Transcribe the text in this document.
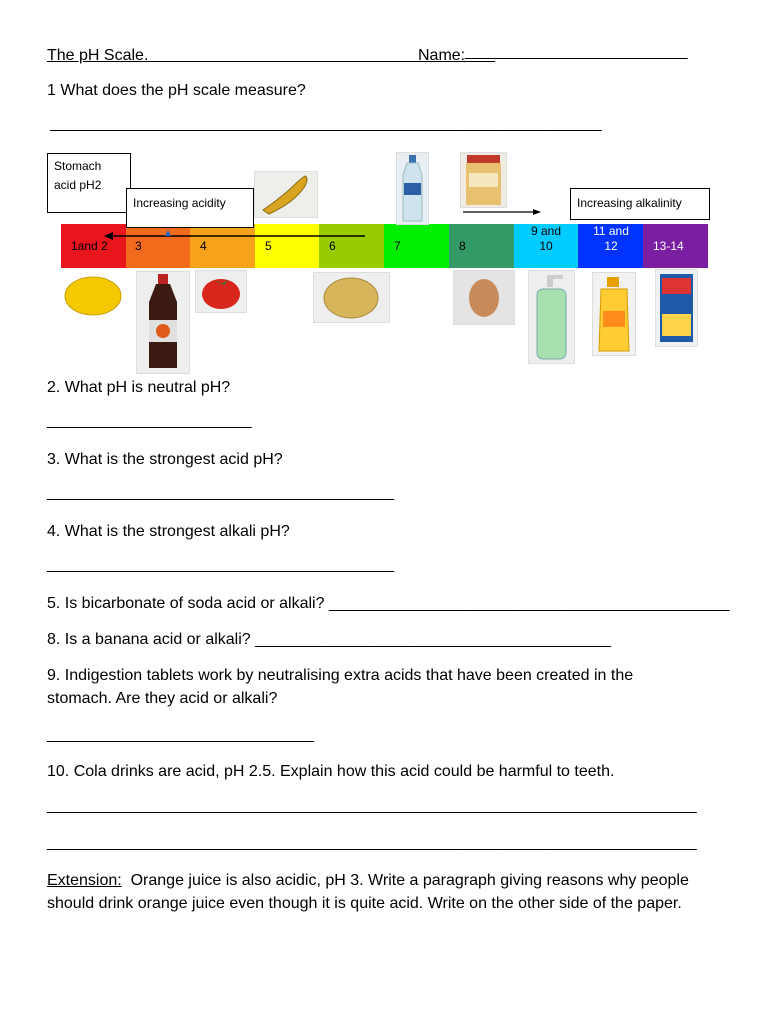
The pH Scale.	Name: _________________________
1 What does the pH scale measure?
______________________________________________________________
1and 2 3	4	5	6	7	8
9 and 10
11 and 12	13-14
Stomach acid pH2
Increasing acidity	Increasing alkalinity
2. What pH is neutral pH?
_______________________
3. What is the strongest acid pH?
_______________________________________
4. What is the strongest alkali pH?
_______________________________________
5. Is bicarbonate of soda acid or alkali? _____________________________________________
8. Is a banana acid or alkali? ________________________________________
9. Indigestion tablets work by neutralising extra acids that have been created in the stomach. Are they acid or alkali?
______________________________
10. Cola drinks are acid, pH 2.5. Explain how this acid could be harmful to teeth.
_________________________________________________________________________
_________________________________________________________________________
Extension:  Orange juice is also acidic, pH 3. Write a paragraph giving reasons why people should drink orange juice even though it is quite acid. Write on the other side of the paper.
